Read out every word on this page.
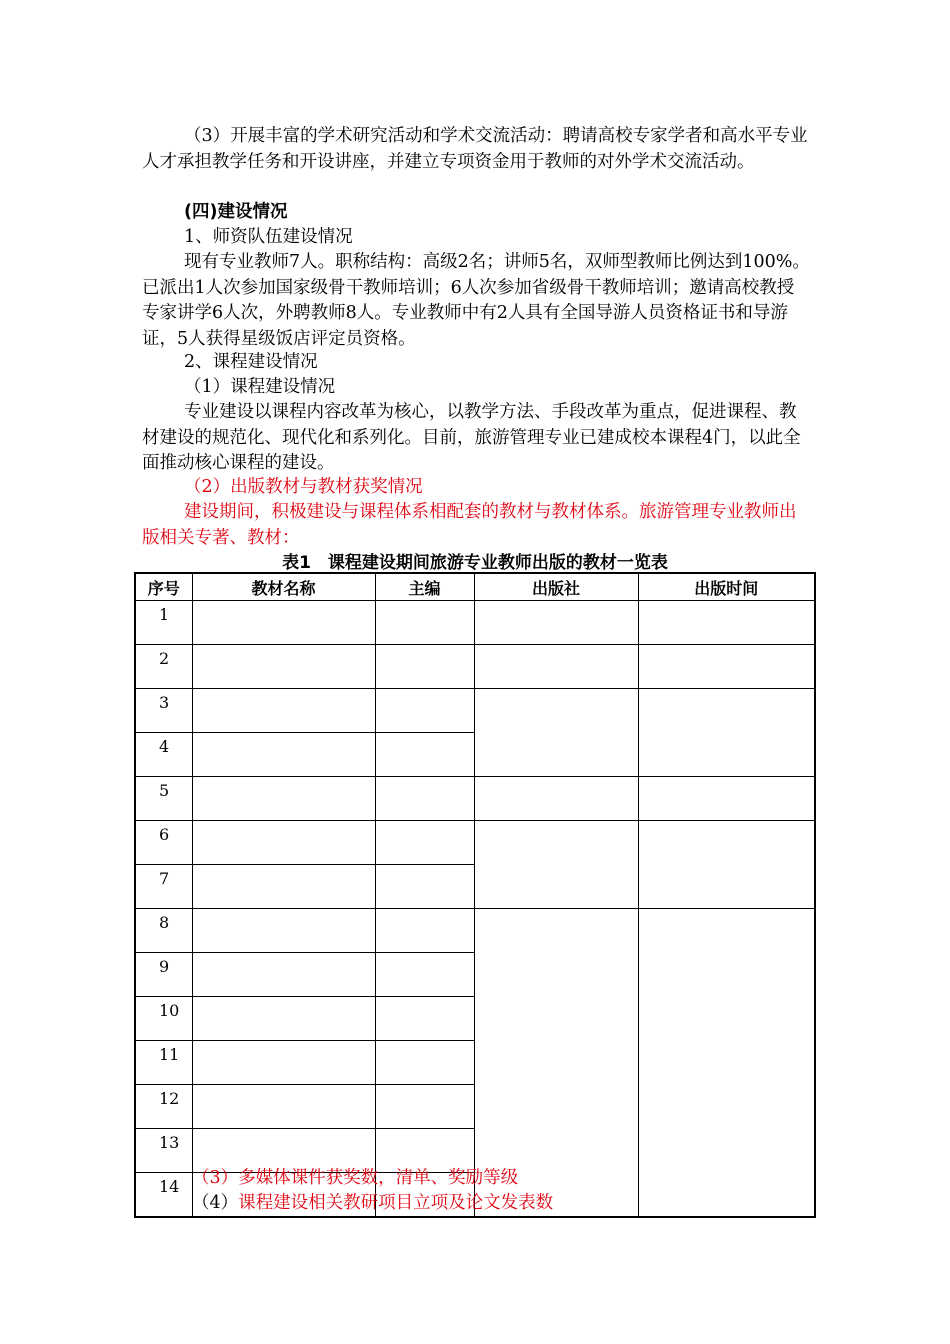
（3）开展丰富的学术研究活动和学术交流活动：聘请高校专家学者和高水平专业人才承担教学任务和开设讲座，并建立专项资金用于教师的对外学术交流活动。

(四)建设情况

1、师资队伍建设情况

现有专业教师7人。职称结构：高级2名；讲师5名，双师型教师比例达到100%。已派出1人次参加国家级骨干教师培训；6人次参加省级骨干教师培训；邀请高校教授专家讲学6人次，外聘教师8人。专业教师中有2人具有全国导游人员资格证书和导游证，5人获得星级饭店评定员资格。

2、课程建设情况

（1）课程建设情况

专业建设以课程内容改革为核心，以教学方法、手段改革为重点，促进课程、教材建设的规范化、现代化和系列化。目前，旅游管理专业已建成校本课程4门，以此全面推动核心课程的建设。

（2）出版教材与教材获奖情况

建设期间，积极建设与课程体系相配套的教材与教材体系。旅游管理专业教师出版相关专著、教材：

表1　课程建设期间旅游专业教师出版的教材一览表
序号	教材名称	主编	出版社	出版时间
1				
2				
3				
4				
5				
6				
7				
8				
9				
10				
11				
12				
13				
14				（3）多媒体课件获奖数，清单、奖励等级

（4）课程建设相关教研项目立项及论文发表数
